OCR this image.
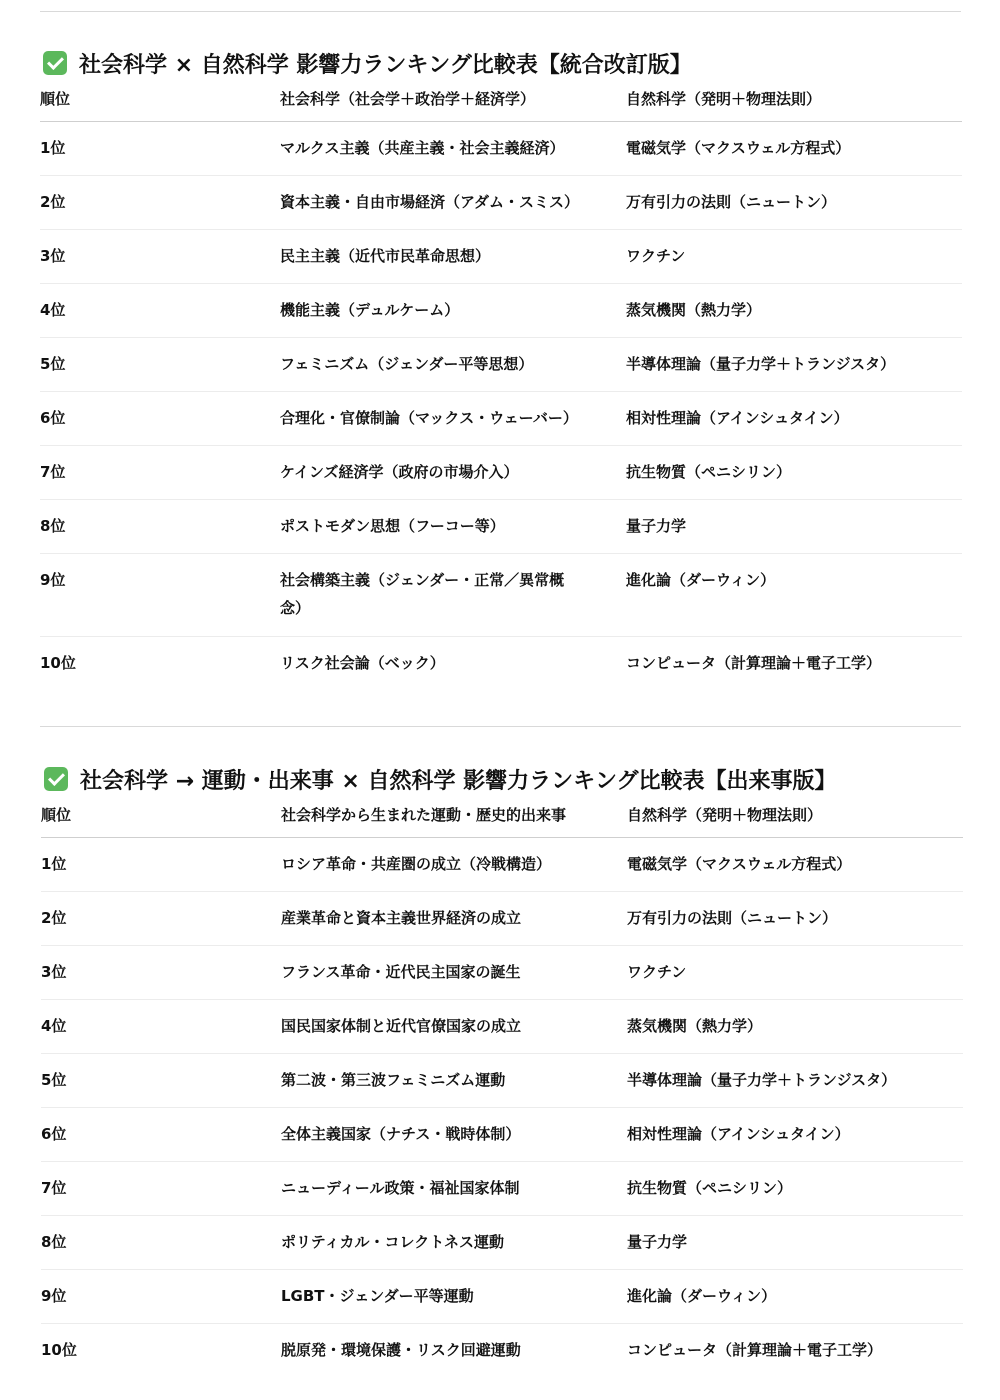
社会科学 × 自然科学 影響力ランキング比較表【統合改訂版】
順位	社会科学（社会学＋政治学＋経済学）	自然科学（発明＋物理法則）

1位	マルクス主義（共産主義・社会主義経済）	電磁気学（マクスウェル方程式）

2位	資本主義・自由市場経済（アダム・スミス）	万有引力の法則（ニュートン）

3位	民主主義（近代市民革命思想）	ワクチン

4位	機能主義（デュルケーム）	蒸気機関（熱力学）

5位	フェミニズム（ジェンダー平等思想）	半導体理論（量子力学＋トランジスタ）

6位	合理化・官僚制論（マックス・ウェーバー）	相対性理論（アインシュタイン）

7位	ケインズ経済学（政府の市場介入）	抗生物質（ペニシリン）

8位	ポストモダン思想（フーコー等）	量子力学

9位	社会構築主義（ジェンダー・正常／異常概念）	進化論（ダーウィン）

10位	リスク社会論（ベック）	コンピュータ（計算理論＋電子工学）
社会科学 → 運動・出来事 × 自然科学 影響力ランキング比較表【出来事版】
順位	社会科学から生まれた運動・歴史的出来事	自然科学（発明＋物理法則）

1位	ロシア革命・共産圏の成立（冷戦構造）	電磁気学（マクスウェル方程式）

2位	産業革命と資本主義世界経済の成立	万有引力の法則（ニュートン）

3位	フランス革命・近代民主国家の誕生	ワクチン

4位	国民国家体制と近代官僚国家の成立	蒸気機関（熱力学）

5位	第二波・第三波フェミニズム運動	半導体理論（量子力学＋トランジスタ）

6位	全体主義国家（ナチス・戦時体制）	相対性理論（アインシュタイン）

7位	ニューディール政策・福祉国家体制	抗生物質（ペニシリン）

8位	ポリティカル・コレクトネス運動	量子力学

9位	LGBT・ジェンダー平等運動	進化論（ダーウィン）

10位	脱原発・環境保護・リスク回避運動	コンピュータ（計算理論＋電子工学）
